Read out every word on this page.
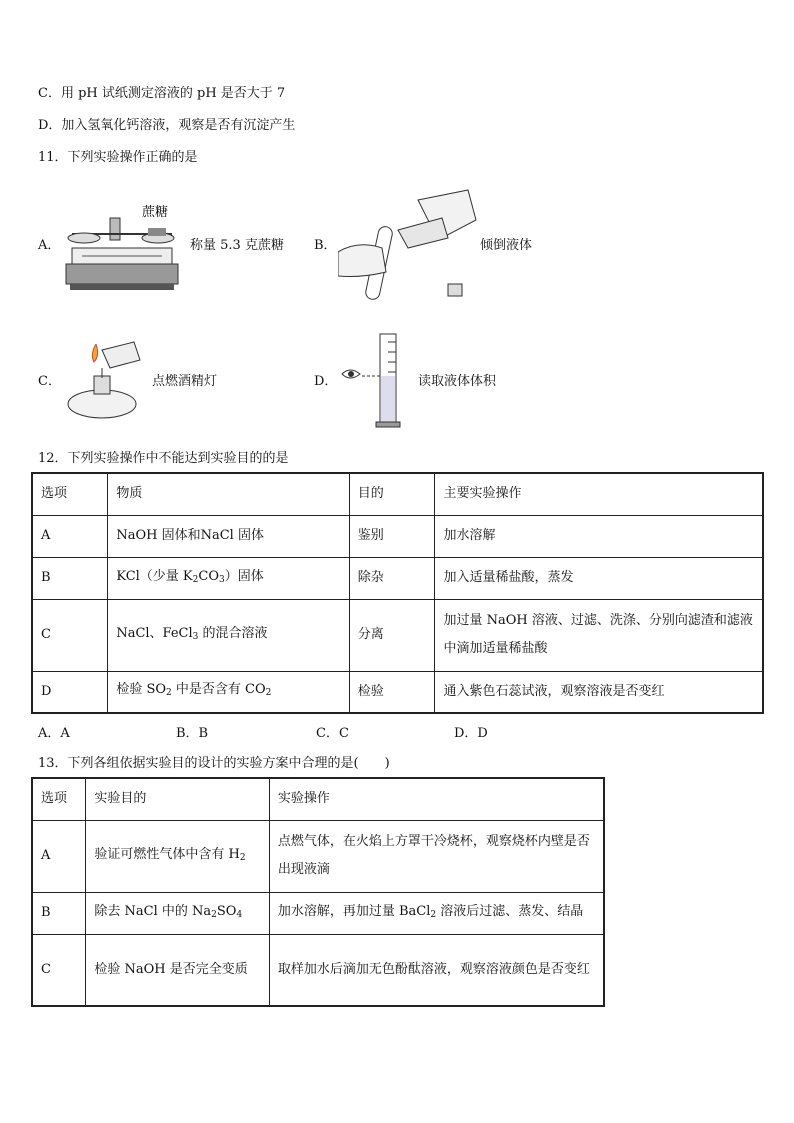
C．用 pH 试纸测定溶液的 pH 是否大于 7
D．加入氢氧化钙溶液，观察是否有沉淀产生
11．下列实验操作正确的是
A．
蔗糖
称量 5.3 克蔗糖 B．	倾倒液体
C．	点燃酒精灯	D．	读取液体体积
12．下列实验操作中不能达到实验目的的是
选项	物质	目的	主要实验操作
A	NaOH 固体和NaCl 固体	鉴别	加水溶解
B	KCl（少量 $K_2CO_3$）固体	除杂	加入适量稀盐酸，蒸发
C	NaCl、FeCl$_3$ 的混合溶液	分离	加过量 NaOH 溶液、过滤、洗涤、分别向滤渣和滤液中滴加适量稀盐酸
D	检验 $SO_2$ 中是否含有 $CO_2$	检验	通入紫色石蕊试液，观察溶液是否变红
A．A	B．B	C．C	D．D
13．下列各组依据实验目的设计的实验方案中合理的是(　　)
选项	实验目的	实验操作
A	验证可燃性气体中含有 $H_2$	点燃气体，在火焰上方罩干冷烧杯，观察烧杯内壁是否出现液滴
B	除去 NaCl 中的 $Na_2SO_4$	加水溶解，再加过量 BaCl$_2$ 溶液后过滤、蒸发、结晶
C	检验 NaOH 是否完全变质	取样加水后滴加无色酚酞溶液，观察溶液颜色是否变红
